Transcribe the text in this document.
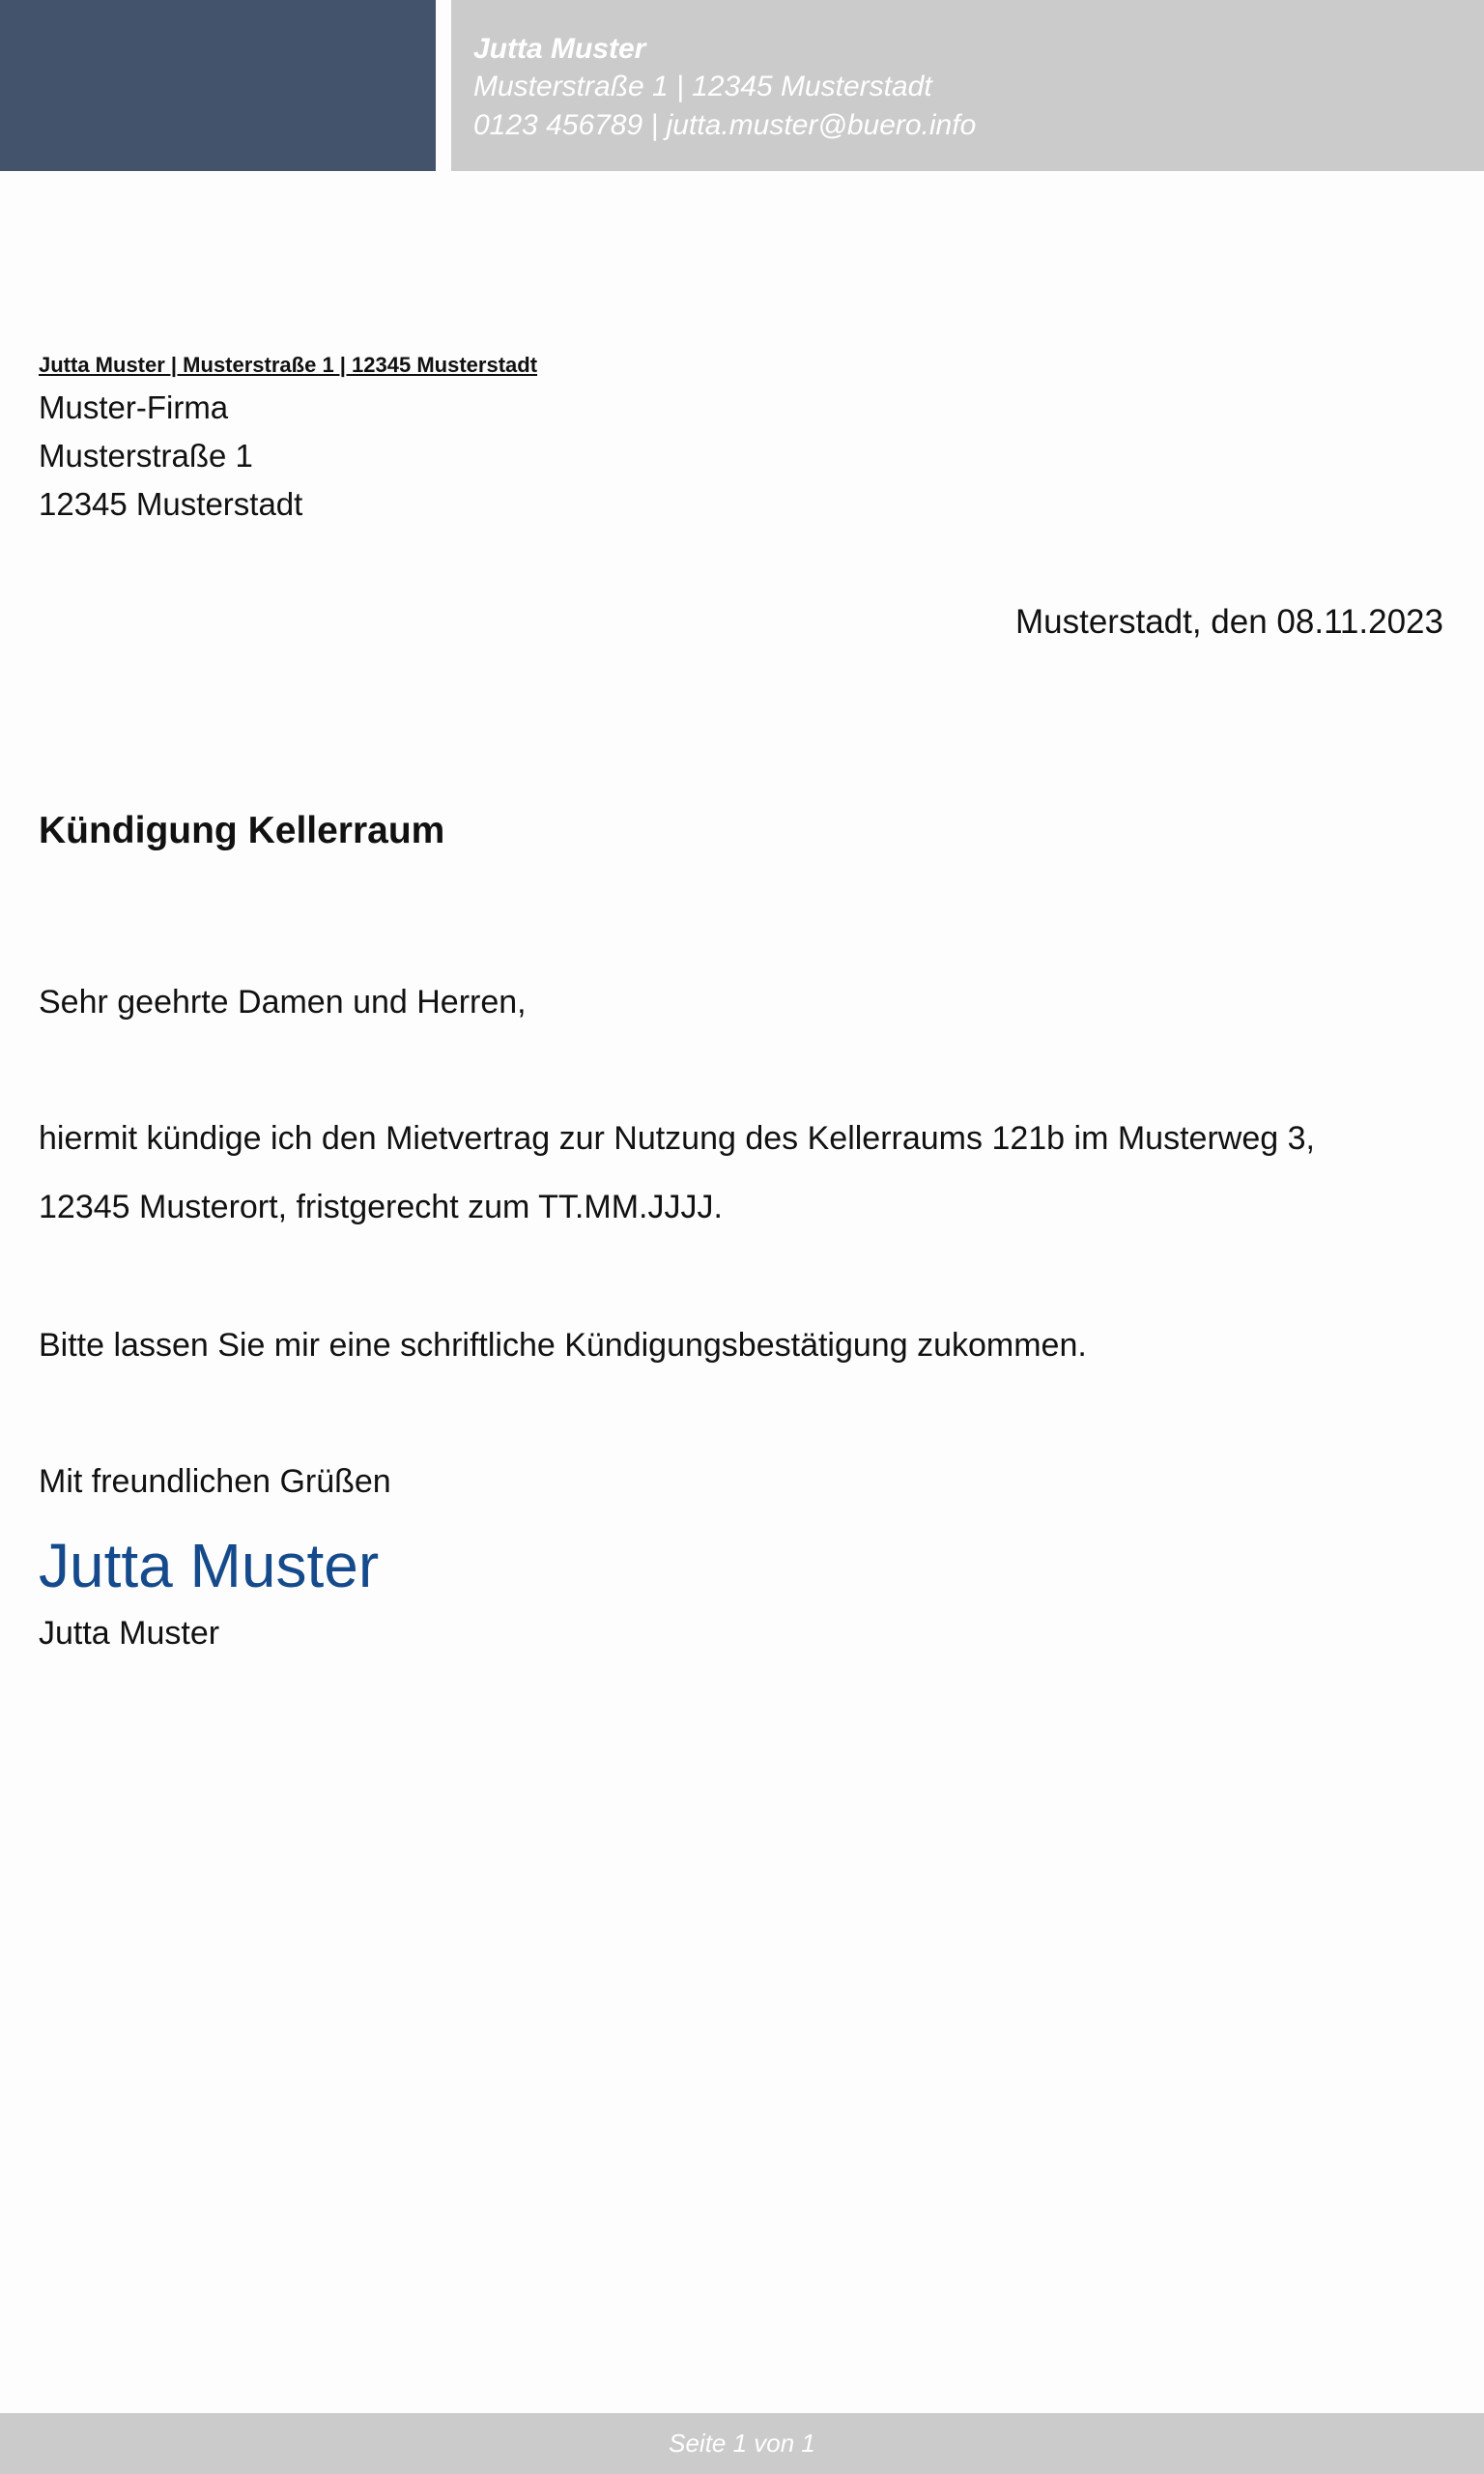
Jutta Muster
Musterstraße 1 | 12345 Musterstadt
0123 456789 | jutta.muster@buero.info
Jutta Muster | Musterstraße 1 | 12345 Musterstadt
Muster-Firma
Musterstraße 1
12345 Musterstadt
Musterstadt, den 08.11.2023
Kündigung Kellerraum
Sehr geehrte Damen und Herren,
hiermit kündige ich den Mietvertrag zur Nutzung des Kellerraums 121b im Musterweg 3,
12345 Musterort, fristgerecht zum TT.MM.JJJJ.
Bitte lassen Sie mir eine schriftliche Kündigungsbestätigung zukommen.
Mit freundlichen Grüßen
Jutta Muster
Jutta Muster
Seite 1 von 1
